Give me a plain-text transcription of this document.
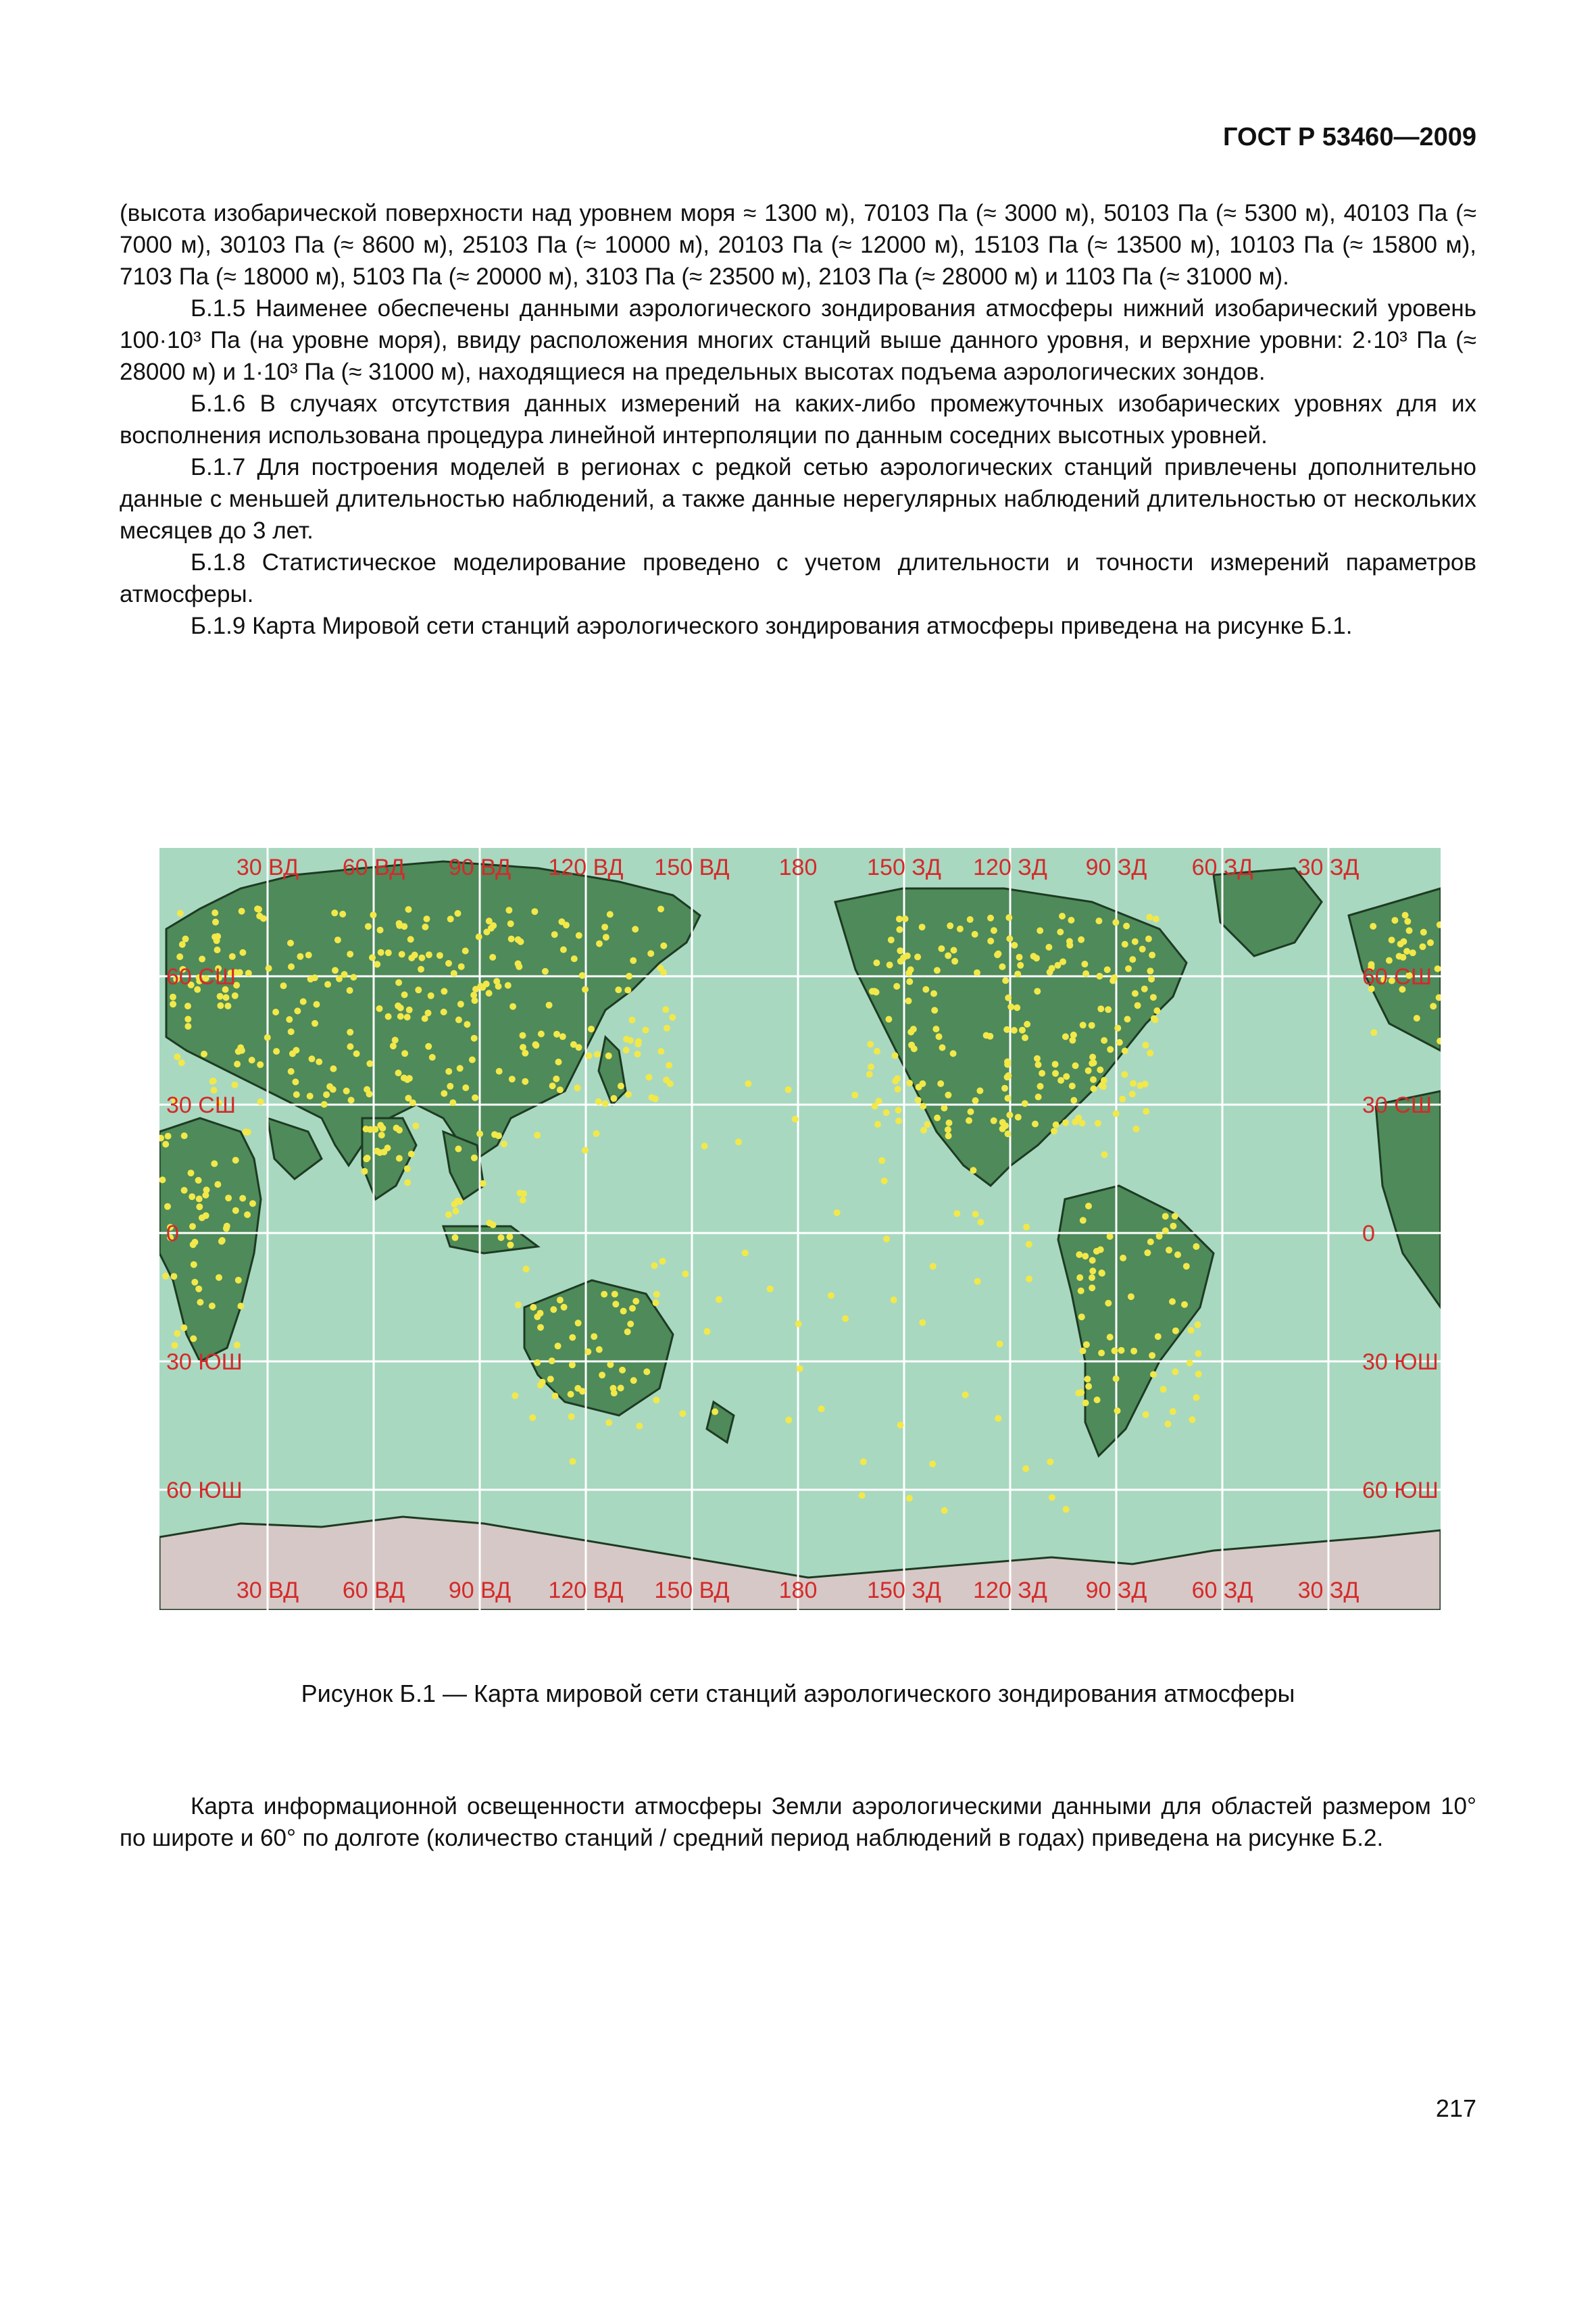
ГОСТ Р 53460—2009

(высота изобарической поверхности над уровнем моря ≈ 1300 м), 70103 Па (≈ 3000 м), 50103 Па (≈ 5300 м), 40103 Па (≈ 7000 м), 30103 Па (≈ 8600 м), 25103 Па (≈ 10000 м), 20103 Па (≈ 12000 м), 15103 Па (≈ 13500 м), 10103 Па (≈ 15800 м), 7103 Па (≈ 18000 м), 5103 Па (≈ 20000 м), 3103 Па (≈ 23500 м), 2103 Па (≈ 28000 м) и 1103 Па (≈ 31000 м).

Б.1.5 Наименее обеспечены данными аэрологического зондирования атмосферы нижний изобарический уровень 100·10³ Па (на уровне моря), ввиду расположения многих станций выше данного уровня, и верхние уровни: 2·10³ Па (≈ 28000 м) и 1·10³ Па (≈ 31000 м), находящиеся на предельных высотах подъема аэрологических зондов.

Б.1.6 В случаях отсутствия данных измерений на каких-либо промежуточных изобарических уровнях для их восполнения использована процедура линейной интерполяции по данным соседних высотных уровней.

Б.1.7 Для построения моделей в регионах с редкой сетью аэрологических станций привлечены дополнительно данные с меньшей длительностью наблюдений, а также данные нерегулярных наблюдений длительностью от нескольких месяцев до 3 лет.

Б.1.8 Статистическое моделирование проведено с учетом длительности и точности измерений параметров атмосферы.

Б.1.9 Карта Мировой сети станций аэрологического зондирования атмосферы приведена на рисунке Б.1.

30 ВД
30 ВД
60 ВД
60 ВД
90 ВД
90 ВД
120 ВД
120 ВД
150 ВД
150 ВД
180
180
150 ЗД
150 ЗД
120 ЗД
120 ЗД
90 ЗД
90 ЗД
60 ЗД
60 ЗД
30 ЗД
30 ЗД
60 СШ	60 СШ
30 СШ	30 СШ
0	0
30 ЮШ	30 ЮШ
60 ЮШ	60 ЮШ
Рисунок Б.1 — Карта мировой сети станций аэрологического зондирования атмосферы

Карта информационной освещенности атмосферы Земли аэрологическими данными для областей размером 10° по широте и 60° по долготе (количество станций / средний период наблюдений в годах) приведена на рисунке Б.2.

217
